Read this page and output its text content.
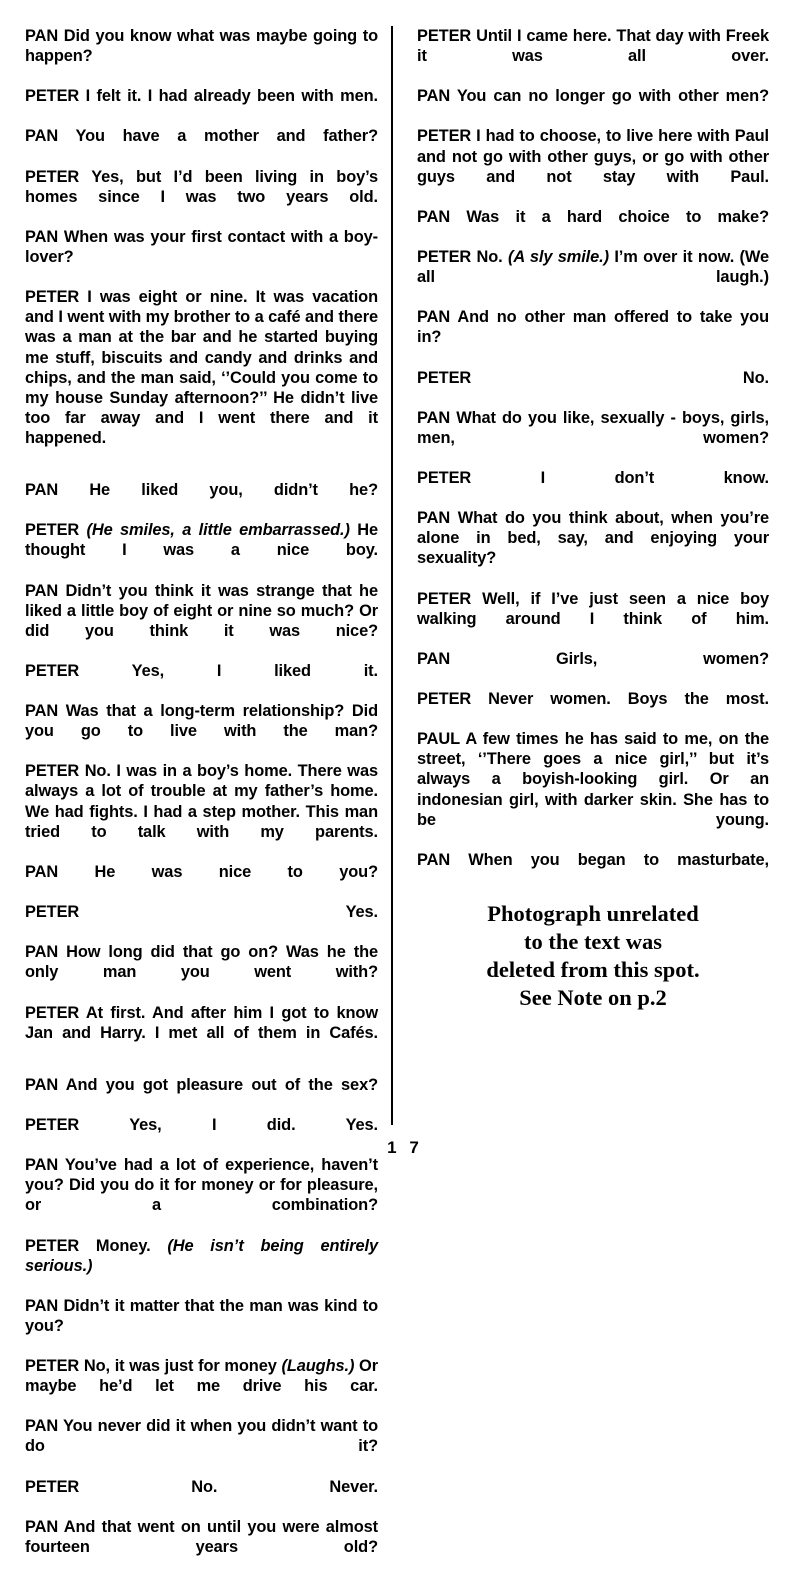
PAN Did you know what was maybe going to happen?
PETER I felt it. I had already been with men.
PAN You have a mother and father?
PETER Yes, but I’d been living in boy’s homes since I was two years old.
PAN When was your first contact with a boy-lover?
PETER I was eight or nine. It was vacation and I went with my brother to a café and there was a man at the bar and he started buying me stuff, biscuits and candy and drinks and chips, and the man said, ‘’Could you come to my house Sunday afternoon?’’ He didn’t live too far away and I went there and it happened.
PAN He liked you, didn’t he?
PETER (He smiles, a little embarrassed.) He thought I was a nice boy.
PAN Didn’t you think it was strange that he liked a little boy of eight or nine so much? Or did you think it was nice?
PETER Yes, I liked it.
PAN Was that a long-term relationship? Did you go to live with the man?
PETER No. I was in a boy’s home. There was always a lot of trouble at my father’s home. We had fights. I had a step mother. This man tried to talk with my parents.
PAN He was nice to you?
PETER Yes.
PAN How long did that go on? Was he the only man you went with?
PETER At first. And after him I got to know Jan and Harry. I met all of them in Cafés.
PAN And you got pleasure out of the sex?
PETER Yes, I did. Yes.
PAN You’ve had a lot of experience, haven’t you? Did you do it for money or for pleasure, or a combination?
PETER Money. (He isn’t being entirely serious.)
PAN Didn’t it matter that the man was kind to you?
PETER No, it was just for money (Laughs.) Or maybe he’d let me drive his car.
PAN You never did it when you didn’t want to do it?
PETER No. Never.
PAN And that went on until you were almost fourteen years old?
PETER Until I came here. That day with Freek it was all over.
PAN You can no longer go with other men?
PETER I had to choose, to live here with Paul and not go with other guys, or go with other guys and not stay with Paul.
PAN Was it a hard choice to make?
PETER No. (A sly smile.) I’m over it now. (We all laugh.)
PAN And no other man offered to take you in?
PETER No.
PAN What do you like, sexually - boys, girls, men, women?
PETER I don’t know.
PAN What do you think about, when you’re alone in bed, say, and enjoying your sexuality?
PETER Well, if I’ve just seen a nice boy walking around I think of him.
PAN Girls, women?
PETER Never women. Boys the most.
PAUL A few times he has said to me, on the street, ‘’There goes a nice girl,’’ but it’s always a boyish-looking girl. Or an indonesian girl, with darker skin. She has to be young.
PAN When you began to masturbate,
Photograph unrelated
to the text was
deleted from this spot.
See Note on p.2
1 7
